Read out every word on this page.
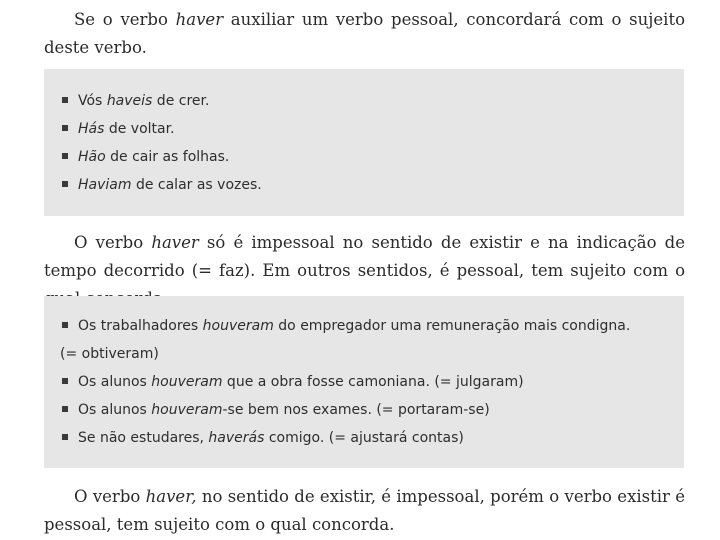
Se o verbo haver auxiliar um verbo pessoal, concordará com o sujeito deste verbo.

Vós haveis de crer.
Hás de voltar.
Hão de cair as folhas.
Haviam de calar as vozes.

O verbo haver só é impessoal no sentido de existir e na indicação de tempo decorrido (= faz). Em outros sentidos, é pessoal, tem sujeito com o

Os trabalhadores houveram do empregador uma remuneração mais condigna.
(= obtiveram)
Os alunos houveram que a obra fosse camoniana. (= julgaram)
Os alunos houveram-se bem nos exames. (= portaram-se)
Se não estudares, haverás comigo. (= ajustará contas)

O verbo haver, no sentido de existir, é impessoal, porém o verbo existir é pessoal, tem sujeito com o qual concorda.
